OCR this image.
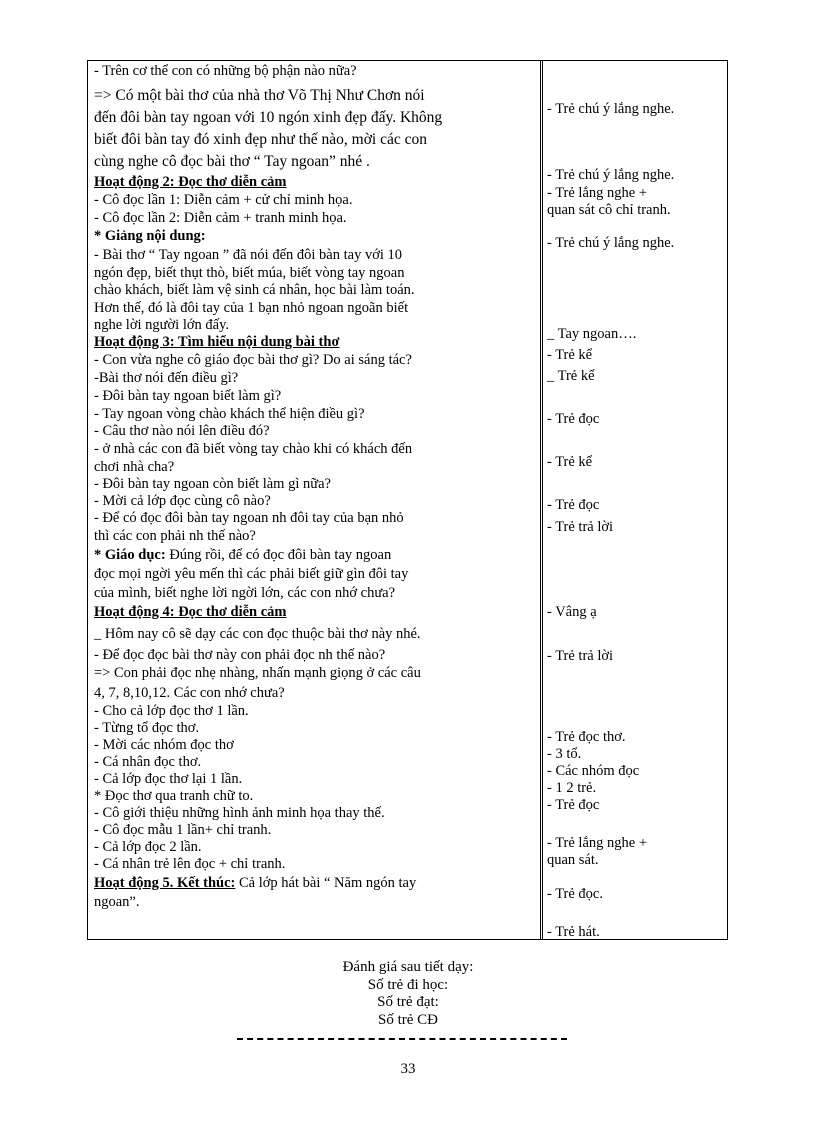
- Trên cơ thể con có những bộ phận nào nữa?
=> Có một bài thơ của nhà thơ Võ Thị Như Chơn nói
đến đôi bàn tay ngoan với 10 ngón xinh đẹp đấy. Không
biết đôi bàn tay đó xinh đẹp như thế nào, mời các con
cùng nghe cô đọc bài thơ “ Tay ngoan” nhé .
Hoạt động 2: Đọc thơ diễn cảm
- Cô đọc lần 1: Diễn cảm + cử chỉ minh họa.
- Cô đọc lần 2: Diễn cảm + tranh minh họa.
* Giảng nội dung:
- Bài thơ “ Tay ngoan ” đã nói đến đôi bàn tay với 10
ngón đẹp, biết thụt thò, biết múa, biết vòng tay ngoan
chào khách, biết làm vệ sinh cá nhân, học bài làm toán.
Hơn thế, đó là đôi tay của 1 bạn nhỏ ngoan ngoãn biết
nghe lời người lớn đấy.
Hoạt động 3: Tìm hiểu nội dung bài thơ
- Con vừa nghe cô giáo đọc bài thơ gì? Do ai sáng tác?
-Bài thơ nói đến điều gì?
- Đôi bàn tay ngoan biết làm gì?
- Tay ngoan vòng chào khách thể hiện điều gì?
- Câu thơ nào nói lên điều đó?
- ở nhà các con đã biết vòng tay chào khi có khách đến
chơi nhà cha?
- Đôi bàn tay ngoan còn biết làm gì nữa?
- Mời cả lớp đọc cùng cô nào?
- Để có đọc đôi bàn tay ngoan nh đôi tay của bạn nhỏ
thì các con phải nh thế nào?
* Giáo dục: Đúng rồi, để có đọc đôi bàn tay ngoan
đọc mọi ngời yêu mến thì các phải biết giữ gìn đôi tay
của mình, biết nghe lời ngời lớn, các con nhớ chưa?
Hoạt động 4: Đọc thơ diễn cảm
_ Hôm nay cô sẽ dạy các con đọc thuộc bài thơ này nhé.
- Để đọc đọc bài thơ này con phải đọc nh thế nào?
=> Con phải đọc nhẹ nhàng, nhấn mạnh giọng ở các câu
4, 7, 8,10,12. Các con nhớ chưa?
- Cho cả lớp đọc thơ 1 lần.
- Từng tổ đọc thơ.
- Mời các nhóm đọc thơ
- Cá nhân đọc thơ.
- Cả lớp đọc thơ lại 1 lần.
* Đọc thơ qua tranh chữ to.
- Cô giới thiệu những hình ảnh minh họa thay thế.
- Cô đọc mẫu 1 lần+ chỉ tranh.
- Cả lớp đọc 2 lần.
- Cá nhân trẻ lên đọc + chỉ tranh.
Hoạt động 5. Kết thúc: Cả lớp hát bài “ Năm ngón tay
ngoan”.
- Trẻ chú ý lắng nghe.
- Trẻ chú ý lắng nghe.
- Trẻ lắng nghe +
quan sát cô chỉ tranh.
- Trẻ chú ý lắng nghe.
_ Tay ngoan….
- Trẻ kể
_ Trẻ kể
- Trẻ đọc
- Trẻ kể
- Trẻ đọc
- Trẻ trả lời
- Vâng ạ
- Trẻ trả lời
- Trẻ đọc thơ.
- 3 tổ.
- Các nhóm đọc
- 1 2 trẻ.
- Trẻ đọc
- Trẻ lắng nghe +
quan sát.
- Trẻ đọc.
- Trẻ hát.
Đánh giá sau tiết dạy:
Số trẻ đi học:
Số trẻ đạt:
Số trẻ CĐ
33
